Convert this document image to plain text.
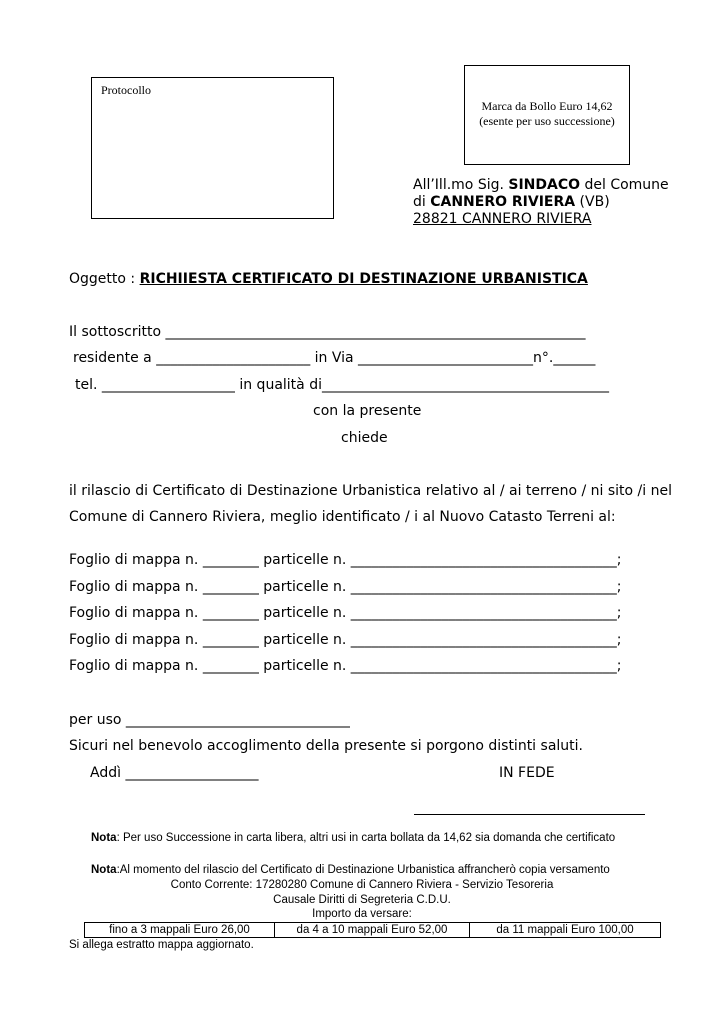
Protocollo
Marca da Bollo Euro 14,62
(esente per uso successione)
All’Ill.mo Sig. SINDACO del Comune
di CANNERO RIVIERA (VB)
28821 CANNERO RIVIERA
Oggetto : RICHIIESTA CERTIFICATO DI DESTINAZIONE URBANISTICA
Il sottoscritto ____________________________________________________________
residente a ______________________ in Via _________________________n°.______
tel. ___________________ in qualità di_________________________________________
con la presente
chiede
il rilascio di Certificato di Destinazione Urbanistica relativo al / ai terreno / ni sito /i nel
Comune di Cannero Riviera, meglio identificato / i al Nuovo Catasto Terreni al:
Foglio di mappa n. ________ particelle n. ______________________________________;
Foglio di mappa n. ________ particelle n. ______________________________________;
Foglio di mappa n. ________ particelle n. ______________________________________;
Foglio di mappa n. ________ particelle n. ______________________________________;
Foglio di mappa n. ________ particelle n. ______________________________________;
per uso ________________________________
Sicuri nel benevolo accoglimento della presente si porgono distinti saluti.
Addì ___________________	IN FEDE
Nota: Per uso Successione in carta libera, altri usi in carta bollata da 14,62 sia domanda che certificato
Nota:Al momento del rilascio del Certificato di Destinazione Urbanistica affrancherò copia versamento
Conto Corrente: 17280280 Comune di Cannero Riviera - Servizio Tesoreria
Causale Diritti di Segreteria C.D.U.
Importo da versare:
fino a 3 mappali Euro 26,00	da 4 a 10 mappali Euro 52,00	da 11 mappali Euro 100,00
Si allega estratto mappa aggiornato.
